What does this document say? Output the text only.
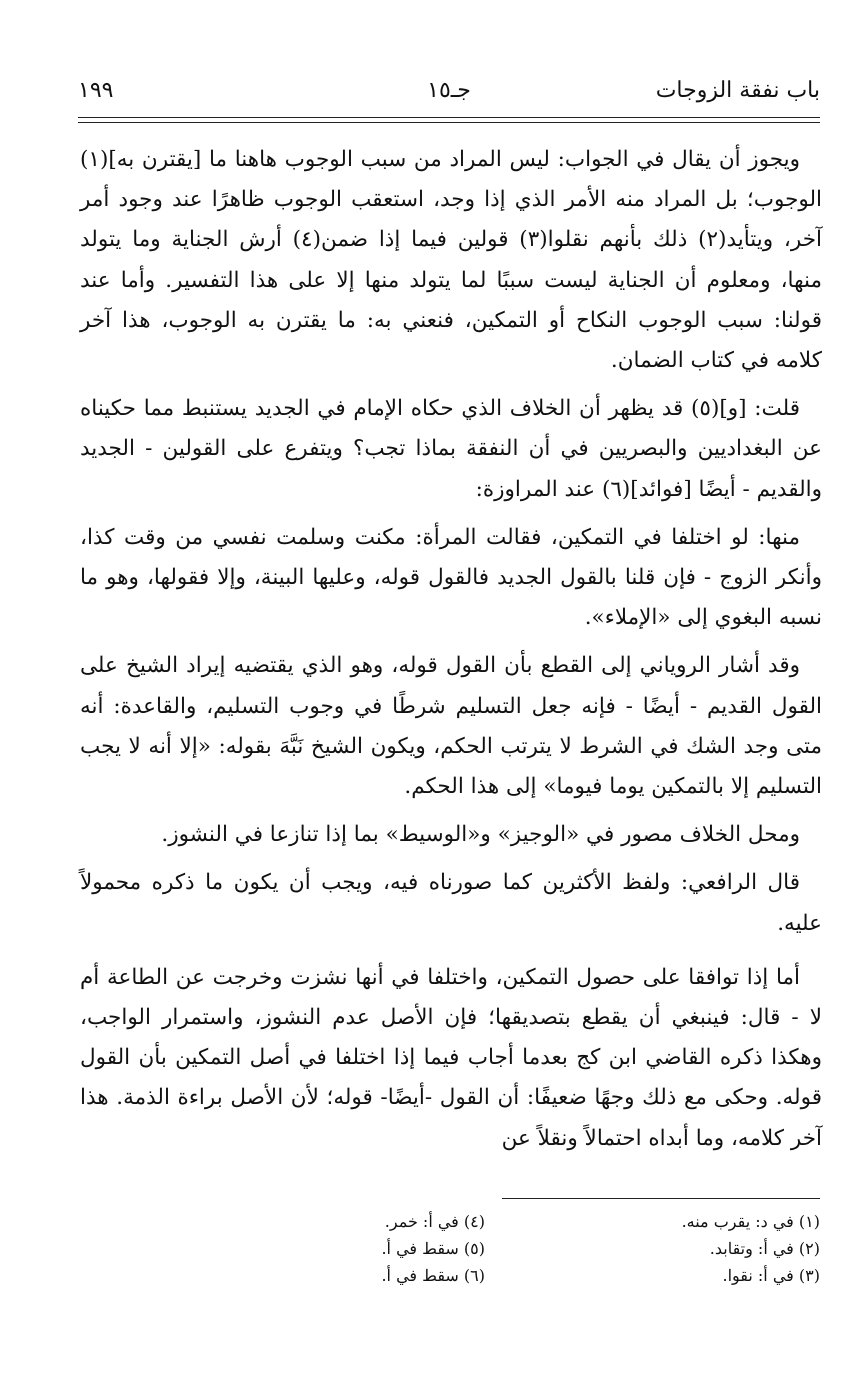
باب نفقة الزوجات
جـ١٥
١٩٩

ويجوز أن يقال في الجواب: ليس المراد من سبب الوجوب هاهنا ما [يقترن به](١) الوجوب؛ بل المراد منه الأمر الذي إذا وجد، استعقب الوجوب ظاهرًا عند وجود أمر آخر، ويتأيد(٢) ذلك بأنهم نقلوا(٣) قولين فيما إذا ضمن(٤) أرش الجناية وما يتولد منها، ومعلوم أن الجناية ليست سببًا لما يتولد منها إلا على هذا التفسير. وأما عند قولنا: سبب الوجوب النكاح أو التمكين، فنعني به: ما يقترن به الوجوب، هذا آخر كلامه في كتاب الضمان.

قلت: [و](٥) قد يظهر أن الخلاف الذي حكاه الإمام في الجديد يستنبط مما حكيناه عن البغداديين والبصريين في أن النفقة بماذا تجب؟ ويتفرع على القولين - الجديد والقديم - أيضًا [فوائد](٦) عند المراوزة:

منها: لو اختلفا في التمكين، فقالت المرأة: مكنت وسلمت نفسي من وقت كذا، وأنكر الزوج - فإن قلنا بالقول الجديد فالقول قوله، وعليها البينة، وإلا فقولها، وهو ما نسبه البغوي إلى «الإملاء».

وقد أشار الروياني إلى القطع بأن القول قوله، وهو الذي يقتضيه إيراد الشيخ على القول القديم - أيضًا - فإنه جعل التسليم شرطًا في وجوب التسليم، والقاعدة: أنه متى وجد الشك في الشرط لا يترتب الحكم، ويكون الشيخ نَبَّهَ بقوله: «إلا أنه لا يجب التسليم إلا بالتمكين يوما فيوما» إلى هذا الحكم.

ومحل الخلاف مصور في «الوجيز» و«الوسيط» بما إذا تنازعا في النشوز.

قال الرافعي: ولفظ الأكثرين كما صورناه فيه، ويجب أن يكون ما ذكره محمولاً عليه.

أما إذا توافقا على حصول التمكين، واختلفا في أنها نشزت وخرجت عن الطاعة أم لا - قال: فينبغي أن يقطع بتصديقها؛ فإن الأصل عدم النشوز، واستمرار الواجب، وهكذا ذكره القاضي ابن كج بعدما أجاب فيما إذا اختلفا في أصل التمكين بأن القول قوله. وحكى مع ذلك وجهًا ضعيفًا: أن القول -أيضًا- قوله؛ لأن الأصل براءة الذمة. هذا آخر كلامه، وما أبداه احتمالاً ونقلاً عن

(١) في د: يقرب منه.
(٢) في أ: وتقابد.
(٣) في أ: نقوا.
(٤) في أ: خمر.
(٥) سقط في أ.
(٦) سقط في أ.
